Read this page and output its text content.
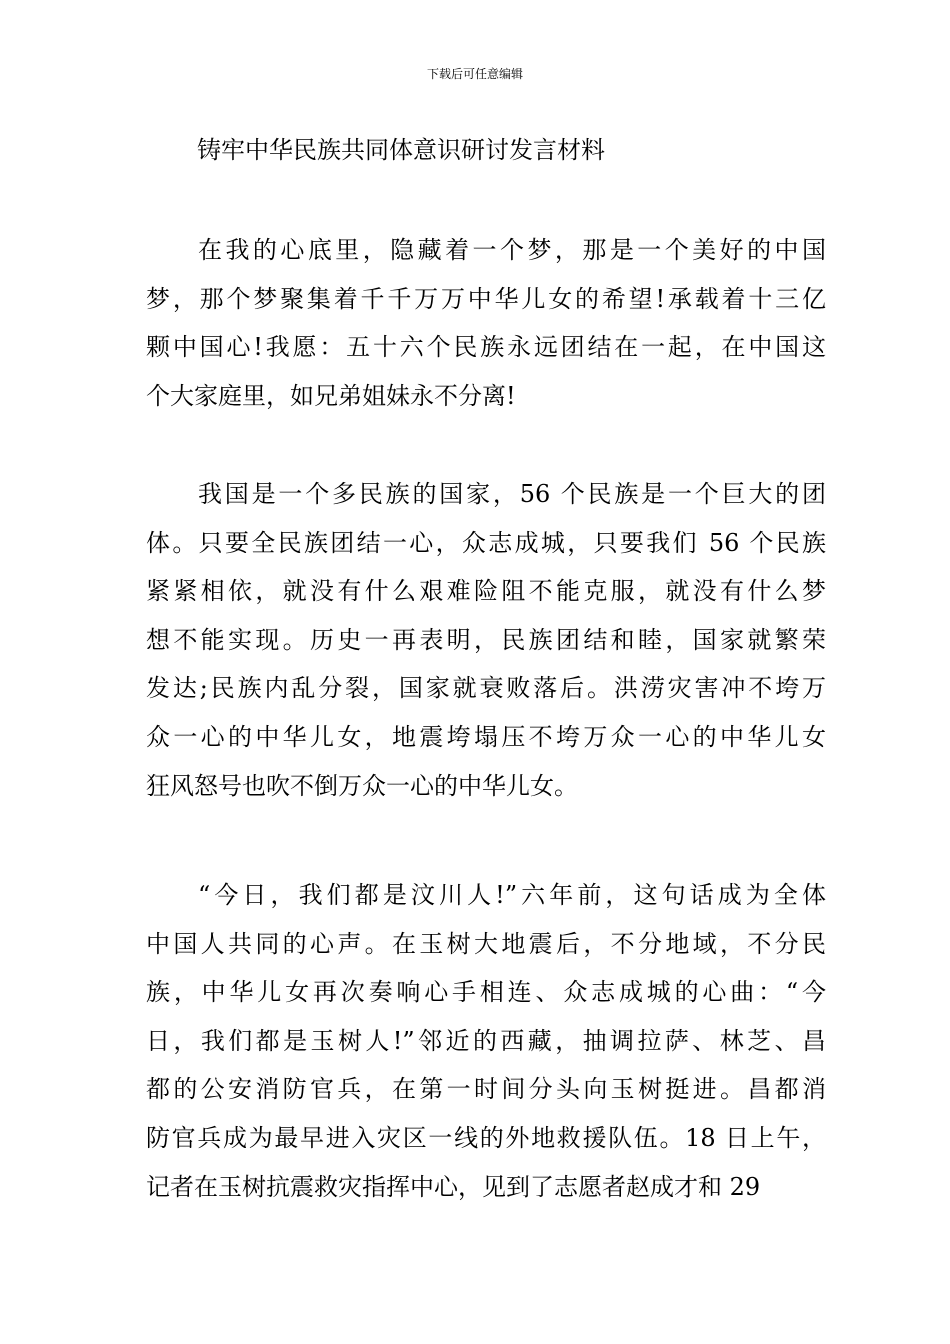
下载后可任意编辑
铸牢中华民族共同体意识研讨发言材料
在我的心底里，隐藏着一个梦，那是一个美好的中国
梦，那个梦聚集着千千万万中华儿女的希望!承载着十三亿
颗中国心!我愿：五十六个民族永远团结在一起，在中国这
个大家庭里，如兄弟姐妹永不分离!
我国是一个多民族的国家，56 个民族是一个巨大的团
体。只要全民族团结一心，众志成城，只要我们 56 个民族
紧紧相依，就没有什么艰难险阻不能克服，就没有什么梦
想不能实现。历史一再表明，民族团结和睦，国家就繁荣
发达;民族内乱分裂，国家就衰败落后。洪涝灾害冲不垮万
众一心的中华儿女，地震垮塌压不垮万众一心的中华儿女
狂风怒号也吹不倒万众一心的中华儿女。
“今日，我们都是汶川人!”六年前，这句话成为全体
中国人共同的心声。在玉树大地震后，不分地域，不分民
族，中华儿女再次奏响心手相连、众志成城的心曲：“今
日，我们都是玉树人!”邻近的西藏，抽调拉萨、林芝、昌
都的公安消防官兵，在第一时间分头向玉树挺进。昌都消
防官兵成为最早进入灾区一线的外地救援队伍。18 日上午，
记者在玉树抗震救灾指挥中心，见到了志愿者赵成才和 29
